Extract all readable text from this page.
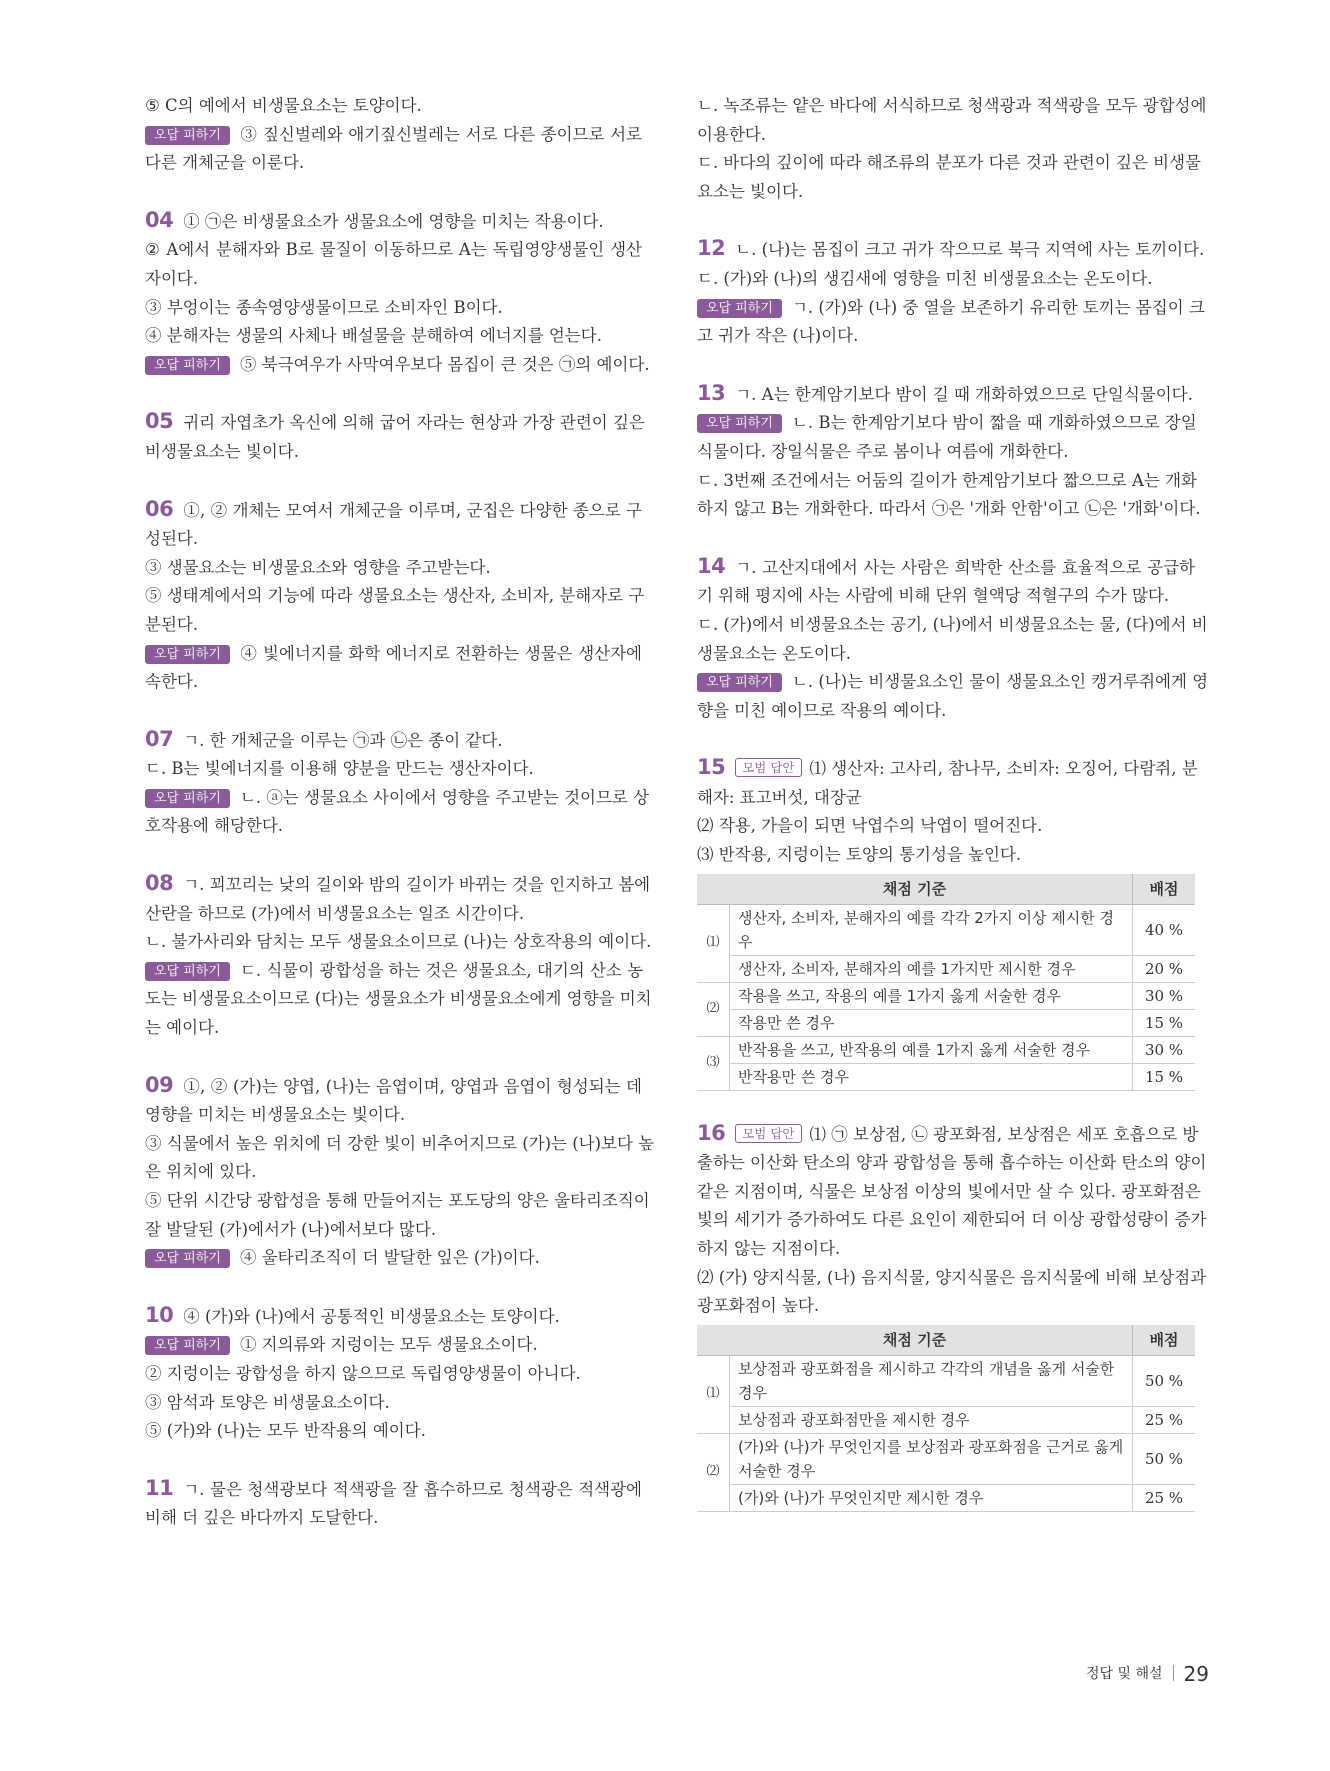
⑤ C의 예에서 비생물요소는 토양이다.
오답 피하기 ③ 짚신벌레와 애기짚신벌레는 서로 다른 종이므로 서로
다른 개체군을 이룬다.
04 ① ㉠은 비생물요소가 생물요소에 영향을 미치는 작용이다.
② A에서 분해자와 B로 물질이 이동하므로 A는 독립영양생물인 생산
자이다.
③ 부엉이는 종속영양생물이므로 소비자인 B이다.
④ 분해자는 생물의 사체나 배설물을 분해하여 에너지를 얻는다.
오답 피하기 ⑤ 북극여우가 사막여우보다 몸집이 큰 것은 ㉠의 예이다.
05 귀리 자엽초가 옥신에 의해 굽어 자라는 현상과 가장 관련이 깊은
비생물요소는 빛이다.
06 ①, ② 개체는 모여서 개체군을 이루며, 군집은 다양한 종으로 구
성된다.
③ 생물요소는 비생물요소와 영향을 주고받는다.
⑤ 생태계에서의 기능에 따라 생물요소는 생산자, 소비자, 분해자로 구
분된다.
오답 피하기 ④ 빛에너지를 화학 에너지로 전환하는 생물은 생산자에
속한다.
07 ㄱ. 한 개체군을 이루는 ㉠과 ㉡은 종이 같다.
ㄷ. B는 빛에너지를 이용해 양분을 만드는 생산자이다.
오답 피하기 ㄴ. ⓐ는 생물요소 사이에서 영향을 주고받는 것이므로 상
호작용에 해당한다.
08 ㄱ. 꾀꼬리는 낮의 길이와 밤의 길이가 바뀌는 것을 인지하고 봄에
산란을 하므로 (가)에서 비생물요소는 일조 시간이다.
ㄴ. 불가사리와 담치는 모두 생물요소이므로 (나)는 상호작용의 예이다.
오답 피하기 ㄷ. 식물이 광합성을 하는 것은 생물요소, 대기의 산소 농
도는 비생물요소이므로 (다)는 생물요소가 비생물요소에게 영향을 미치
는 예이다.
09 ①, ② (가)는 양엽, (나)는 음엽이며, 양엽과 음엽이 형성되는 데
영향을 미치는 비생물요소는 빛이다.
③ 식물에서 높은 위치에 더 강한 빛이 비추어지므로 (가)는 (나)보다 높
은 위치에 있다.
⑤ 단위 시간당 광합성을 통해 만들어지는 포도당의 양은 울타리조직이
잘 발달된 (가)에서가 (나)에서보다 많다.
오답 피하기 ④ 울타리조직이 더 발달한 잎은 (가)이다.
10 ④ (가)와 (나)에서 공통적인 비생물요소는 토양이다.
오답 피하기 ① 지의류와 지렁이는 모두 생물요소이다.
② 지렁이는 광합성을 하지 않으므로 독립영양생물이 아니다.
③ 암석과 토양은 비생물요소이다.
⑤ (가)와 (나)는 모두 반작용의 예이다.
11 ㄱ. 물은 청색광보다 적색광을 잘 흡수하므로 청색광은 적색광에
비해 더 깊은 바다까지 도달한다.
ㄴ. 녹조류는 얕은 바다에 서식하므로 청색광과 적색광을 모두 광합성에
이용한다.
ㄷ. 바다의 깊이에 따라 해조류의 분포가 다른 것과 관련이 깊은 비생물
요소는 빛이다.
12 ㄴ. (나)는 몸집이 크고 귀가 작으므로 북극 지역에 사는 토끼이다.
ㄷ. (가)와 (나)의 생김새에 영향을 미친 비생물요소는 온도이다.
오답 피하기 ㄱ. (가)와 (나) 중 열을 보존하기 유리한 토끼는 몸집이 크
고 귀가 작은 (나)이다.
13 ㄱ. A는 한계암기보다 밤이 길 때 개화하였으므로 단일식물이다.
오답 피하기 ㄴ. B는 한계암기보다 밤이 짧을 때 개화하였으므로 장일
식물이다. 장일식물은 주로 봄이나 여름에 개화한다.
ㄷ. 3번째 조건에서는 어둠의 길이가 한계암기보다 짧으므로 A는 개화
하지 않고 B는 개화한다. 따라서 ㉠은 '개화 안함'이고 ㉡은 '개화'이다.
14 ㄱ. 고산지대에서 사는 사람은 희박한 산소를 효율적으로 공급하
기 위해 평지에 사는 사람에 비해 단위 혈액당 적혈구의 수가 많다.
ㄷ. (가)에서 비생물요소는 공기, (나)에서 비생물요소는 물, (다)에서 비
생물요소는 온도이다.
오답 피하기 ㄴ. (나)는 비생물요소인 물이 생물요소인 캥거루쥐에게 영
향을 미친 예이므로 작용의 예이다.
15 모범 답안 ⑴ 생산자: 고사리, 참나무, 소비자: 오징어, 다람쥐, 분
해자: 표고버섯, 대장균
⑵ 작용, 가을이 되면 낙엽수의 낙엽이 떨어진다.
⑶ 반작용, 지렁이는 토양의 통기성을 높인다.
채점 기준		배점
⑴	생산자, 소비자, 분해자의 예를 각각 2가지 이상 제시한 경우	40 %
	생산자, 소비자, 분해자의 예를 1가지만 제시한 경우	20 %
⑵	작용을 쓰고, 작용의 예를 1가지 옳게 서술한 경우	30 %
	작용만 쓴 경우	15 %
⑶	반작용을 쓰고, 반작용의 예를 1가지 옳게 서술한 경우	30 %
	반작용만 쓴 경우	15 %
16 모범 답안 ⑴ ㉠ 보상점, ㉡ 광포화점, 보상점은 세포 호흡으로 방
출하는 이산화 탄소의 양과 광합성을 통해 흡수하는 이산화 탄소의 양이
같은 지점이며, 식물은 보상점 이상의 빛에서만 살 수 있다. 광포화점은
빛의 세기가 증가하여도 다른 요인이 제한되어 더 이상 광합성량이 증가
하지 않는 지점이다.
⑵ (가) 양지식물, (나) 음지식물, 양지식물은 음지식물에 비해 보상점과
광포화점이 높다.
채점 기준		배점
⑴	보상점과 광포화점을 제시하고 각각의 개념을 옳게 서술한 경우	50 %
	보상점과 광포화점만을 제시한 경우	25 %
⑵	(가)와 (나)가 무엇인지를 보상점과 광포화점을 근거로 옳게 서술한 경우	50 %
	(가)와 (나)가 무엇인지만 제시한 경우	25 %
정답 및 해설 29
